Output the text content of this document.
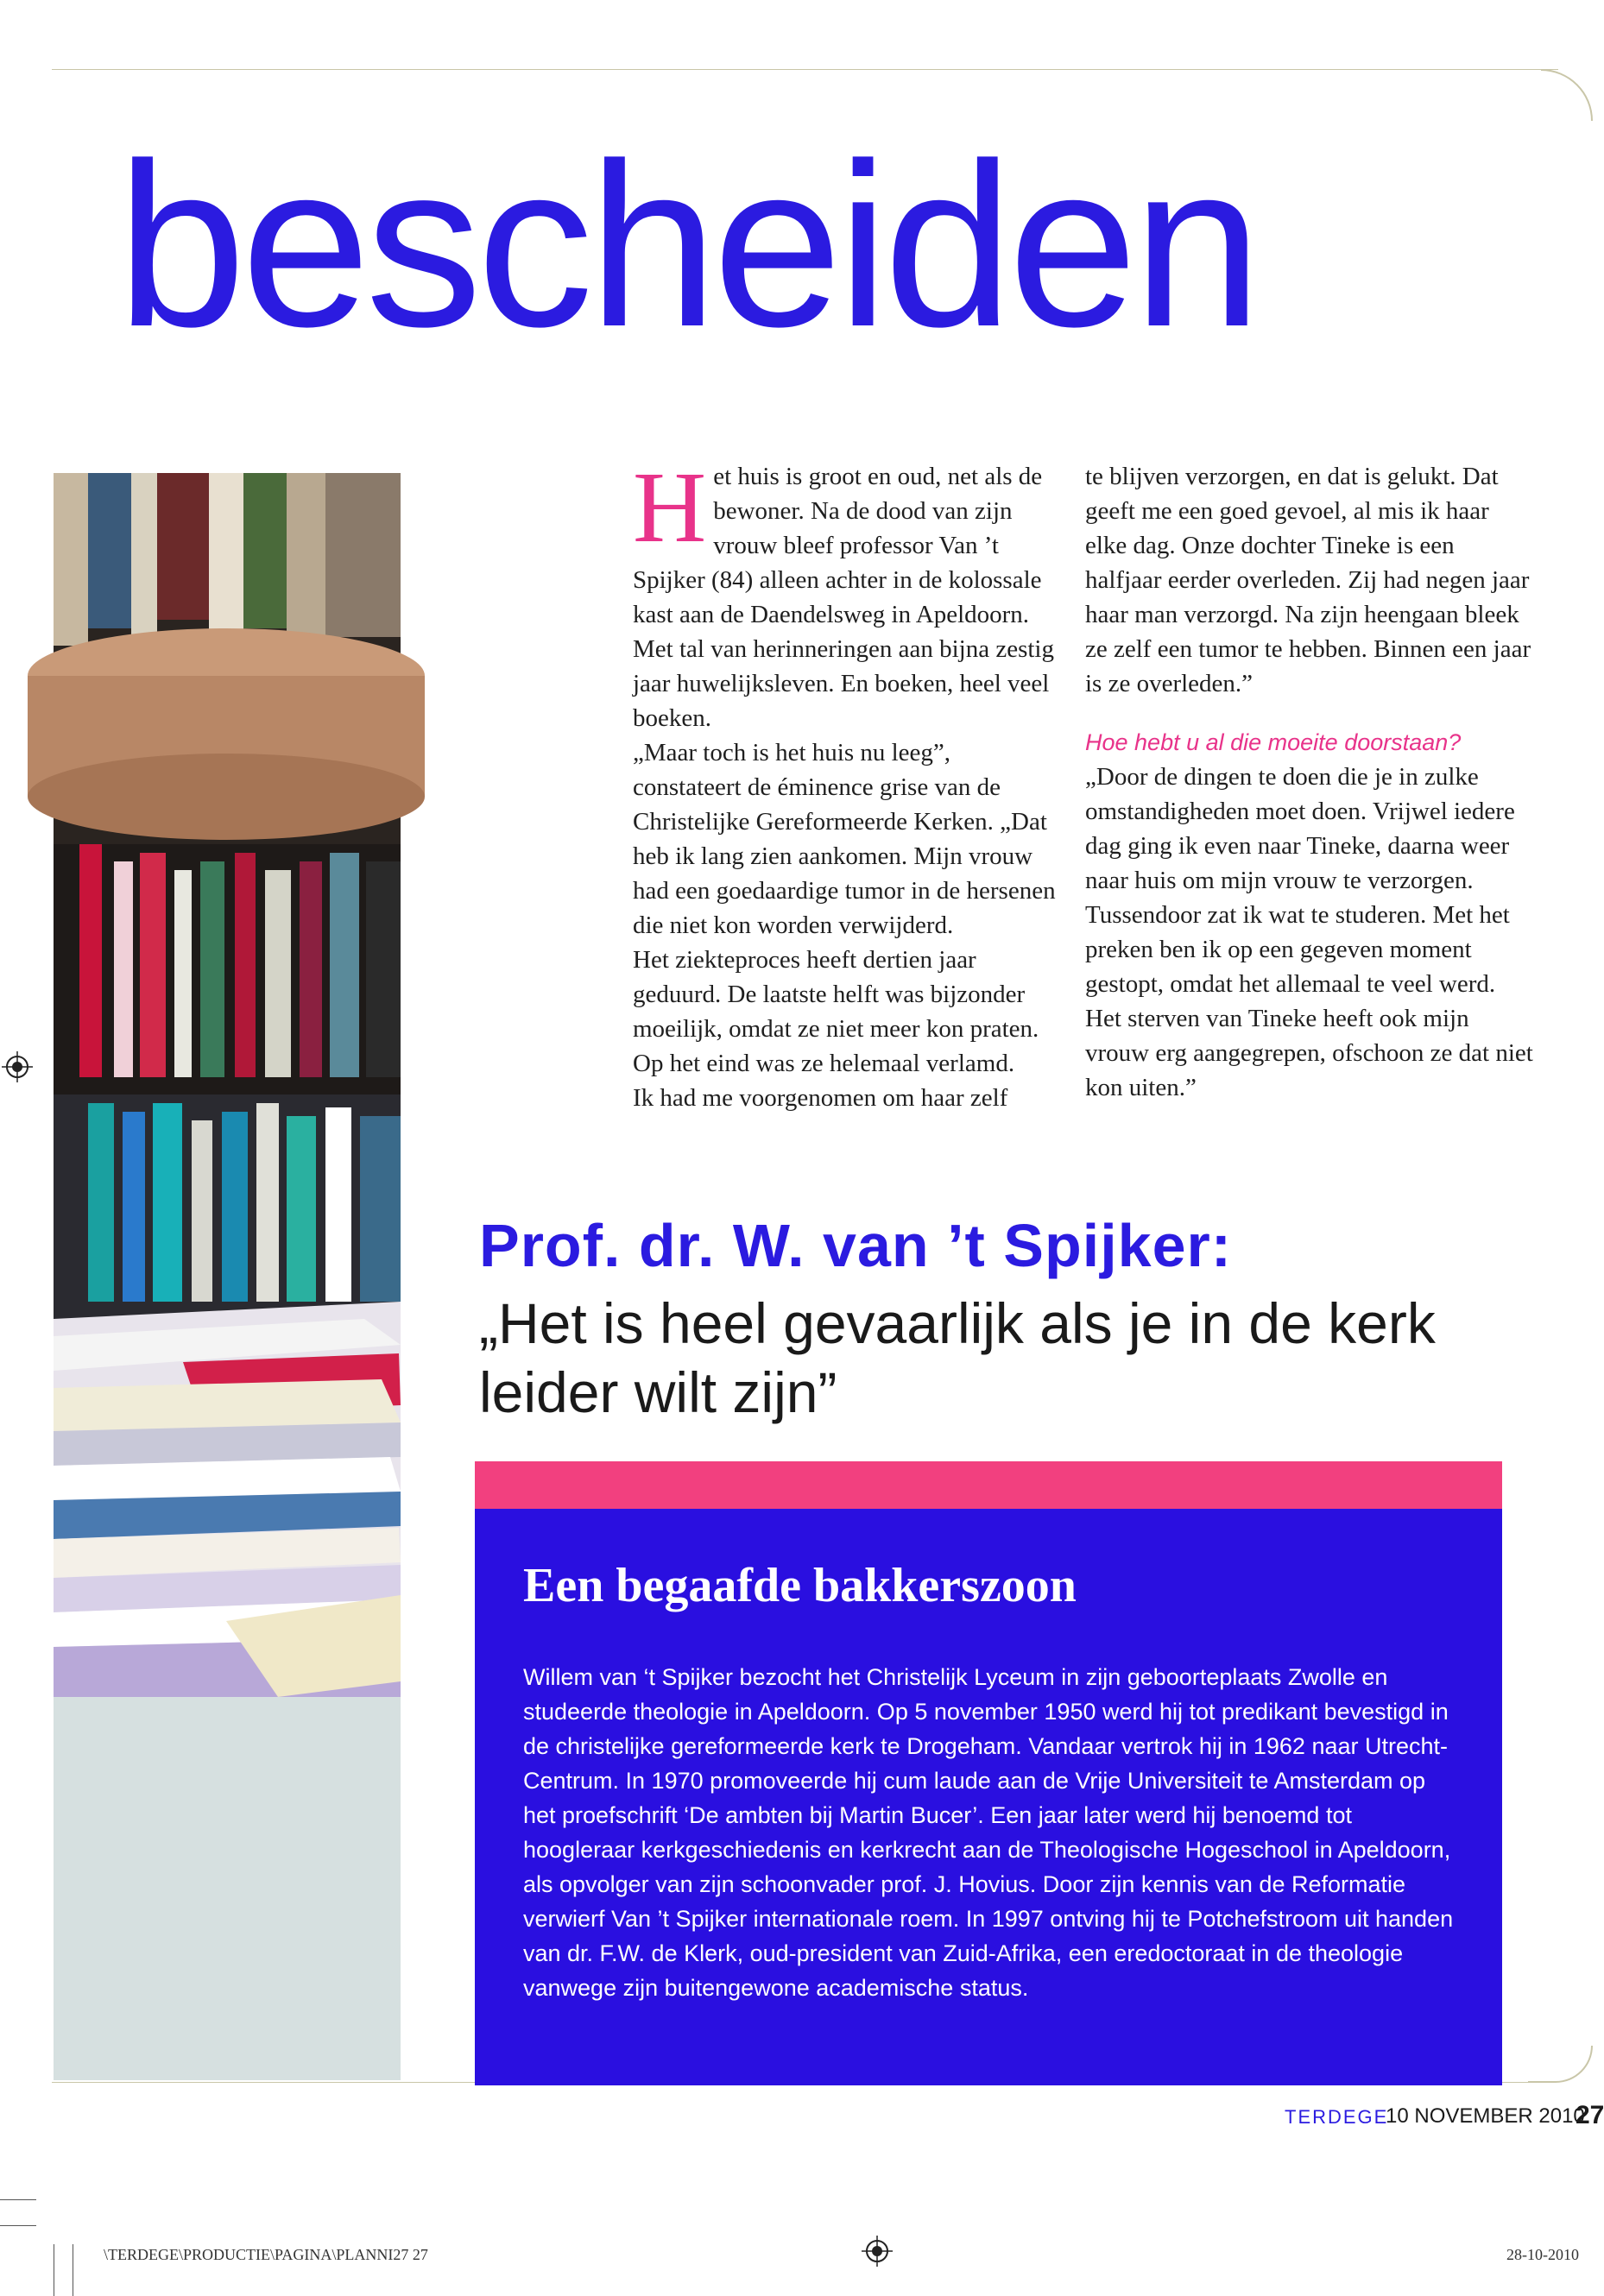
bescheiden
H et huis is groot en oud, net als de bewoner. Na de dood van zijn vrouw bleef professor Van ’t Spijker (84) alleen achter in de kolossale kast aan de Daendelsweg in Apeldoorn. Met tal van herinneringen aan bijna zestig jaar huwelijksleven. En boeken, heel veel boeken.
„Maar toch is het huis nu leeg”, constateert de éminence grise van de Christelijke Gereformeerde Kerken. „Dat heb ik lang zien aankomen. Mijn vrouw had een goedaardige tumor in de hersenen die niet kon worden verwijderd.
Het ziekteproces heeft dertien jaar geduurd. De laatste helft was bijzonder moeilijk, omdat ze niet meer kon praten. Op het eind was ze helemaal verlamd.
Ik had me voorgenomen om haar zelf
te blijven verzorgen, en dat is gelukt. Dat geeft me een goed gevoel, al mis ik haar elke dag. Onze dochter Tineke is een halfjaar eerder overleden. Zij had negen jaar haar man verzorgd. Na zijn heengaan bleek ze zelf een tumor te hebben. Binnen een jaar is ze overleden.”
Hoe hebt u al die moeite doorstaan?
„Door de dingen te doen die je in zulke omstandigheden moet doen. Vrijwel iedere dag ging ik even naar Tineke, daarna weer naar huis om mijn vrouw te verzorgen. Tussendoor zat ik wat te studeren. Met het preken ben ik op een gegeven moment gestopt, omdat het allemaal te veel werd. Het sterven van Tineke heeft ook mijn vrouw erg aangegrepen, ofschoon ze dat niet kon uiten.”
Prof. dr. W. van ’t Spijker:
„Het is heel gevaarlijk als je in de kerk leider wilt zijn”
Een begaafde bakkerszoon
Willem van ‘t Spijker bezocht het Christelijk Lyceum in zijn geboorteplaats Zwolle en studeerde theologie in Apeldoorn. Op 5 november 1950 werd hij tot predikant bevestigd in de christelijke gereformeerde kerk te Drogeham. Vandaar vertrok hij in 1962 naar Utrecht-Centrum. In 1970 promoveerde hij cum laude aan de Vrije Universiteit te Amsterdam op het proefschrift ‘De ambten bij Martin Bucer’. Een jaar later werd hij benoemd tot hoogleraar kerkgeschiedenis en kerkrecht aan de Theologische Hogeschool in Apeldoorn, als opvolger van zijn schoonvader prof. J. Hovius. Door zijn kennis van de Reformatie verwierf Van ’t Spijker internationale roem. In 1997 ontving hij te Potchefstroom uit handen van dr. F.W. de Klerk, oud-president van Zuid-Afrika, een eredoctoraat in de theologie vanwege zijn buitengewone academische status.
TERDEGE
10 NOVEMBER 2010
27
\TERDEGE\PRODUCTIE\PAGINA\PLANNI27 27	28-10-2010
